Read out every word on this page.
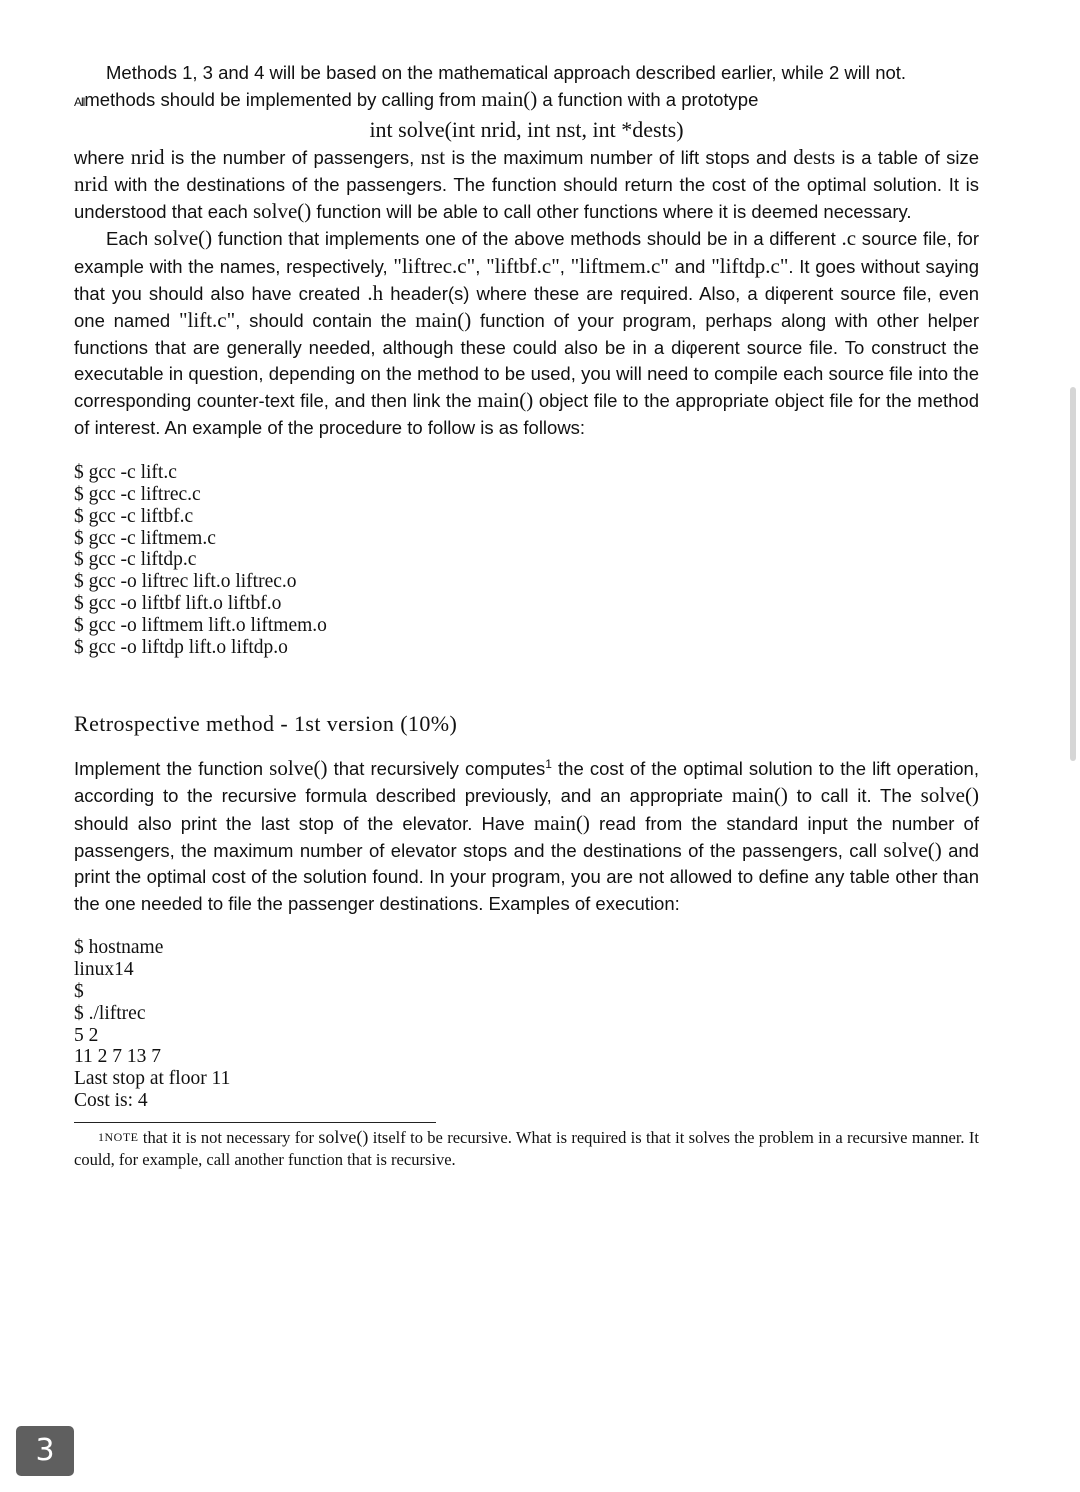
Methods 1, 3 and 4 will be based on the mathematical approach described earlier, while 2 will not.

Allmethods should be implemented by calling from main() a function with a prototype

int solve(int nrid, int nst, int *dests)

where nrid is the number of passengers, nst is the maximum number of lift stops and dests is a table of size nrid with the destinations of the passengers. The function should return the cost of the optimal solution. It is understood that each solve() function will be able to call other functions where it is deemed necessary.

Each solve() function that implements one of the above methods should be in a different .c source file, for example with the names, respectively, "liftrec.c", "liftbf.c", "liftmem.c" and "liftdp.c". It goes without saying that you should also have created .h header(s) where these are required. Also, a diφerent source file, even one named "lift.c", should contain the main() function of your program, perhaps along with other helper functions that are generally needed, although these could also be in a diφerent source file. To construct the executable in question, depending on the method to be used, you will need to compile each source file into the corresponding counter-text file, and then link the main() object file to the appropriate object file for the method of interest. An example of the procedure to follow is as follows:

$ gcc -c lift.c

$ gcc -c liftrec.c

$ gcc -c liftbf.c

$ gcc -c liftmem.c

$ gcc -c liftdp.c

$ gcc -o liftrec lift.o liftrec.o

$ gcc -o liftbf lift.o liftbf.o

$ gcc -o liftmem lift.o liftmem.o

$ gcc -o liftdp lift.o liftdp.o

Retrospective method - 1st version (10%)

Implement the function solve() that recursively computes$^1$ the cost of the optimal solution to the lift operation, according to the recursive formula described previously, and an appropriate main() to call it. The solve() should also print the last stop of the elevator. Have main() read from the standard input the number of passengers, the maximum number of elevator stops and the destinations of the passengers, call solve() and print the optimal cost of the solution found. In your program, you are not allowed to define any table other than the one needed to file the passenger destinations. Examples of execution:

$ hostname

linux14

$

$ ./liftrec

5 2

11 2 7 13 7

Last stop at floor 11

Cost is: 4

$^{1NOTE}$ that it is not necessary for solve() itself to be recursive. What is required is that it solves the problem in a recursive manner. It could, for example, call another function that is recursive.

3
